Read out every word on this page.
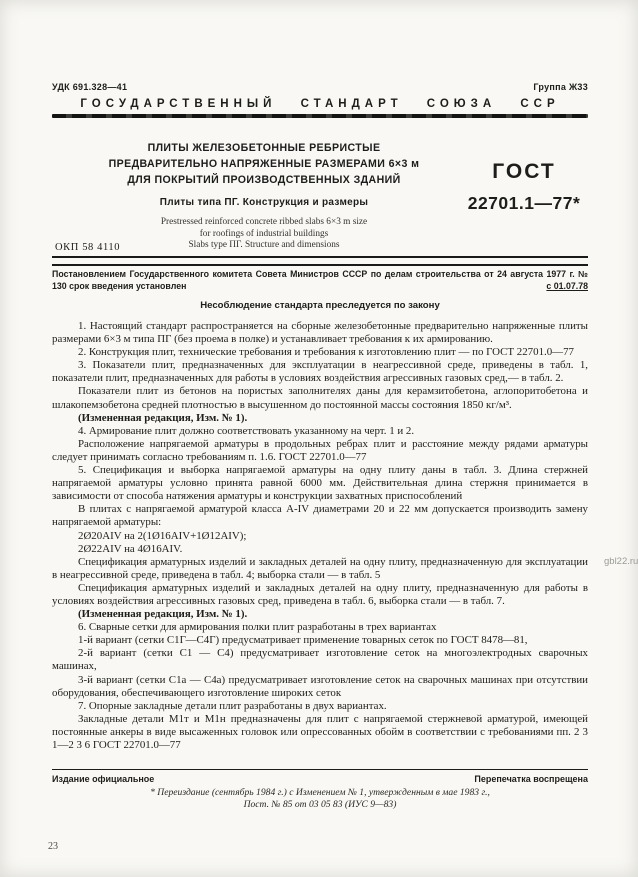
УДК 691.328—41	Группа Ж33
ГОСУДАРСТВЕННЫЙ СТАНДАРТ СОЮЗА ССР
ПЛИТЫ ЖЕЛЕЗОБЕТОННЫЕ РЕБРИСТЫЕ
ПРЕДВАРИТЕЛЬНО НАПРЯЖЕННЫЕ РАЗМЕРАМИ 6×3 м
ДЛЯ ПОКРЫТИЙ ПРОИЗВОДСТВЕННЫХ ЗДАНИЙ
Плиты типа ПГ. Конструкция и размеры
Prestressed reinforced concrete ribbed slabs 6×3 m size
for roofings of industrial buildings
Slabs type ПГ. Structure and dimensions
ГОСТ
22701.1—77*
ОКП 58 4110
Постановлением Государственного комитета Совета Министров СССР по делам строительства от 24 августа 1977 г. № 130 срок введения установлен	с 01.07.78
Несоблюдение стандарта преследуется по закону

1. Настоящий стандарт распространяется на сборные железобетонные предварительно напряженные плиты размерами 6×3 м типа ПГ (без проема в полке) и устанавливает требования к их армированию.

2. Конструкция плит, технические требования и требования к изготовлению плит — по ГОСТ 22701.0—77

3. Показатели плит, предназначенных для эксплуатации в неагрессивной среде, приведены в табл. 1, показатели плит, предназначенных для работы в условиях воздействия агрессивных газовых сред,— в табл. 2.

Показатели плит из бетонов на пористых заполнителях даны для керамзитобетона, аглопоритобетона и шлакопемзобетона средней плотностью в высушенном до постоянной массы состояния 1850 кг/м³.

(Измененная редакция, Изм. № 1).

4. Армирование плит должно соответствовать указанному на черт. 1 и 2.

Расположение напрягаемой арматуры в продольных ребрах плит и расстояние между рядами арматуры следует принимать согласно требованиям п. 1.6. ГОСТ 22701.0—77

5. Спецификация и выборка напрягаемой арматуры на одну плиту даны в табл. 3. Длина стержней напрягаемой арматуры условно принята равной 6000 мм. Действительная длина стержня принимается в зависимости от способа натяжения арматуры и конструкции захватных приспособлений

В плитах с напрягаемой арматурой класса A-IV диаметрами 20 и 22 мм допускается производить замену напрягаемой арматуры:

2Ø20AIV на 2(1Ø16AIV+1Ø12AIV);

2Ø22AIV на 4Ø16AIV.

Спецификация арматурных изделий и закладных деталей на одну плиту, предназначенную для эксплуатации в неагрессивной среде, приведена в табл. 4; выборка стали — в табл. 5

Спецификация арматурных изделий и закладных деталей на одну плиту, предназначенную для работы в условиях воздействия агрессивных газовых сред, приведена в табл. 6, выборка стали — в табл. 7.

(Измененная редакция, Изм. № 1).

6. Сварные сетки для армирования полки плит разработаны в трех вариантах

1-й вариант (сетки С1Г—С4Г) предусматривает применение товарных сеток по ГОСТ 8478—81,

2-й вариант (сетки С1 — С4) предусматривает изготовление сеток на многоэлектродных сварочных машинах,

3-й вариант (сетки С1а — С4а) предусматривает изготовление сеток на сварочных машинах при отсутствии оборудования, обеспечивающего изготовление широких сеток

7. Опорные закладные детали плит разработаны в двух вариантах.

Закладные детали М1т и М1н предназначены для плит с напрягаемой стержневой арматурой, имеющей постоянные анкеры в виде высаженных головок или опрессованных обойм в соответствии с требованиями пп. 2 3 1—2 3 6 ГОСТ 22701.0—77

Издание официальное	Перепечатка воспрещена
* Переиздание (сентябрь 1984 г.) с Изменением № 1, утвержденным в мае 1983 г.,
Пост. № 85 от 03 05 83 (ИУС 9—83)
23
gbl22.ru
